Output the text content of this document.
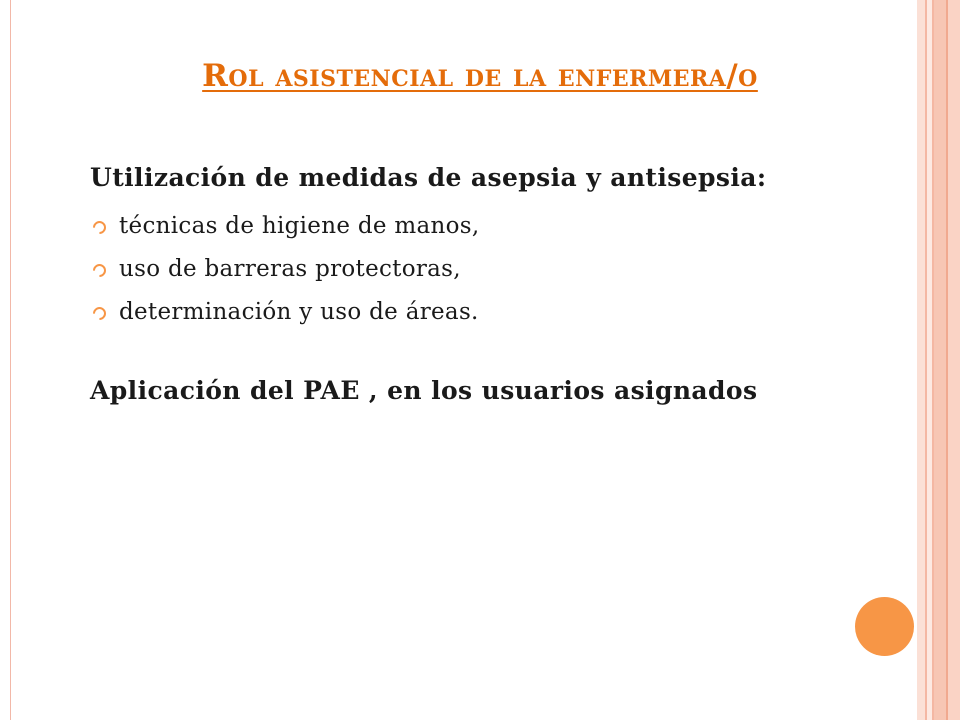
Rol asistencial de la enfermera/o

Utilización de medidas de asepsia y antisepsia:

técnicas de higiene de manos,
uso de barreras protectoras,
determinación y uso de áreas.

Aplicación del PAE , en los usuarios asignados
